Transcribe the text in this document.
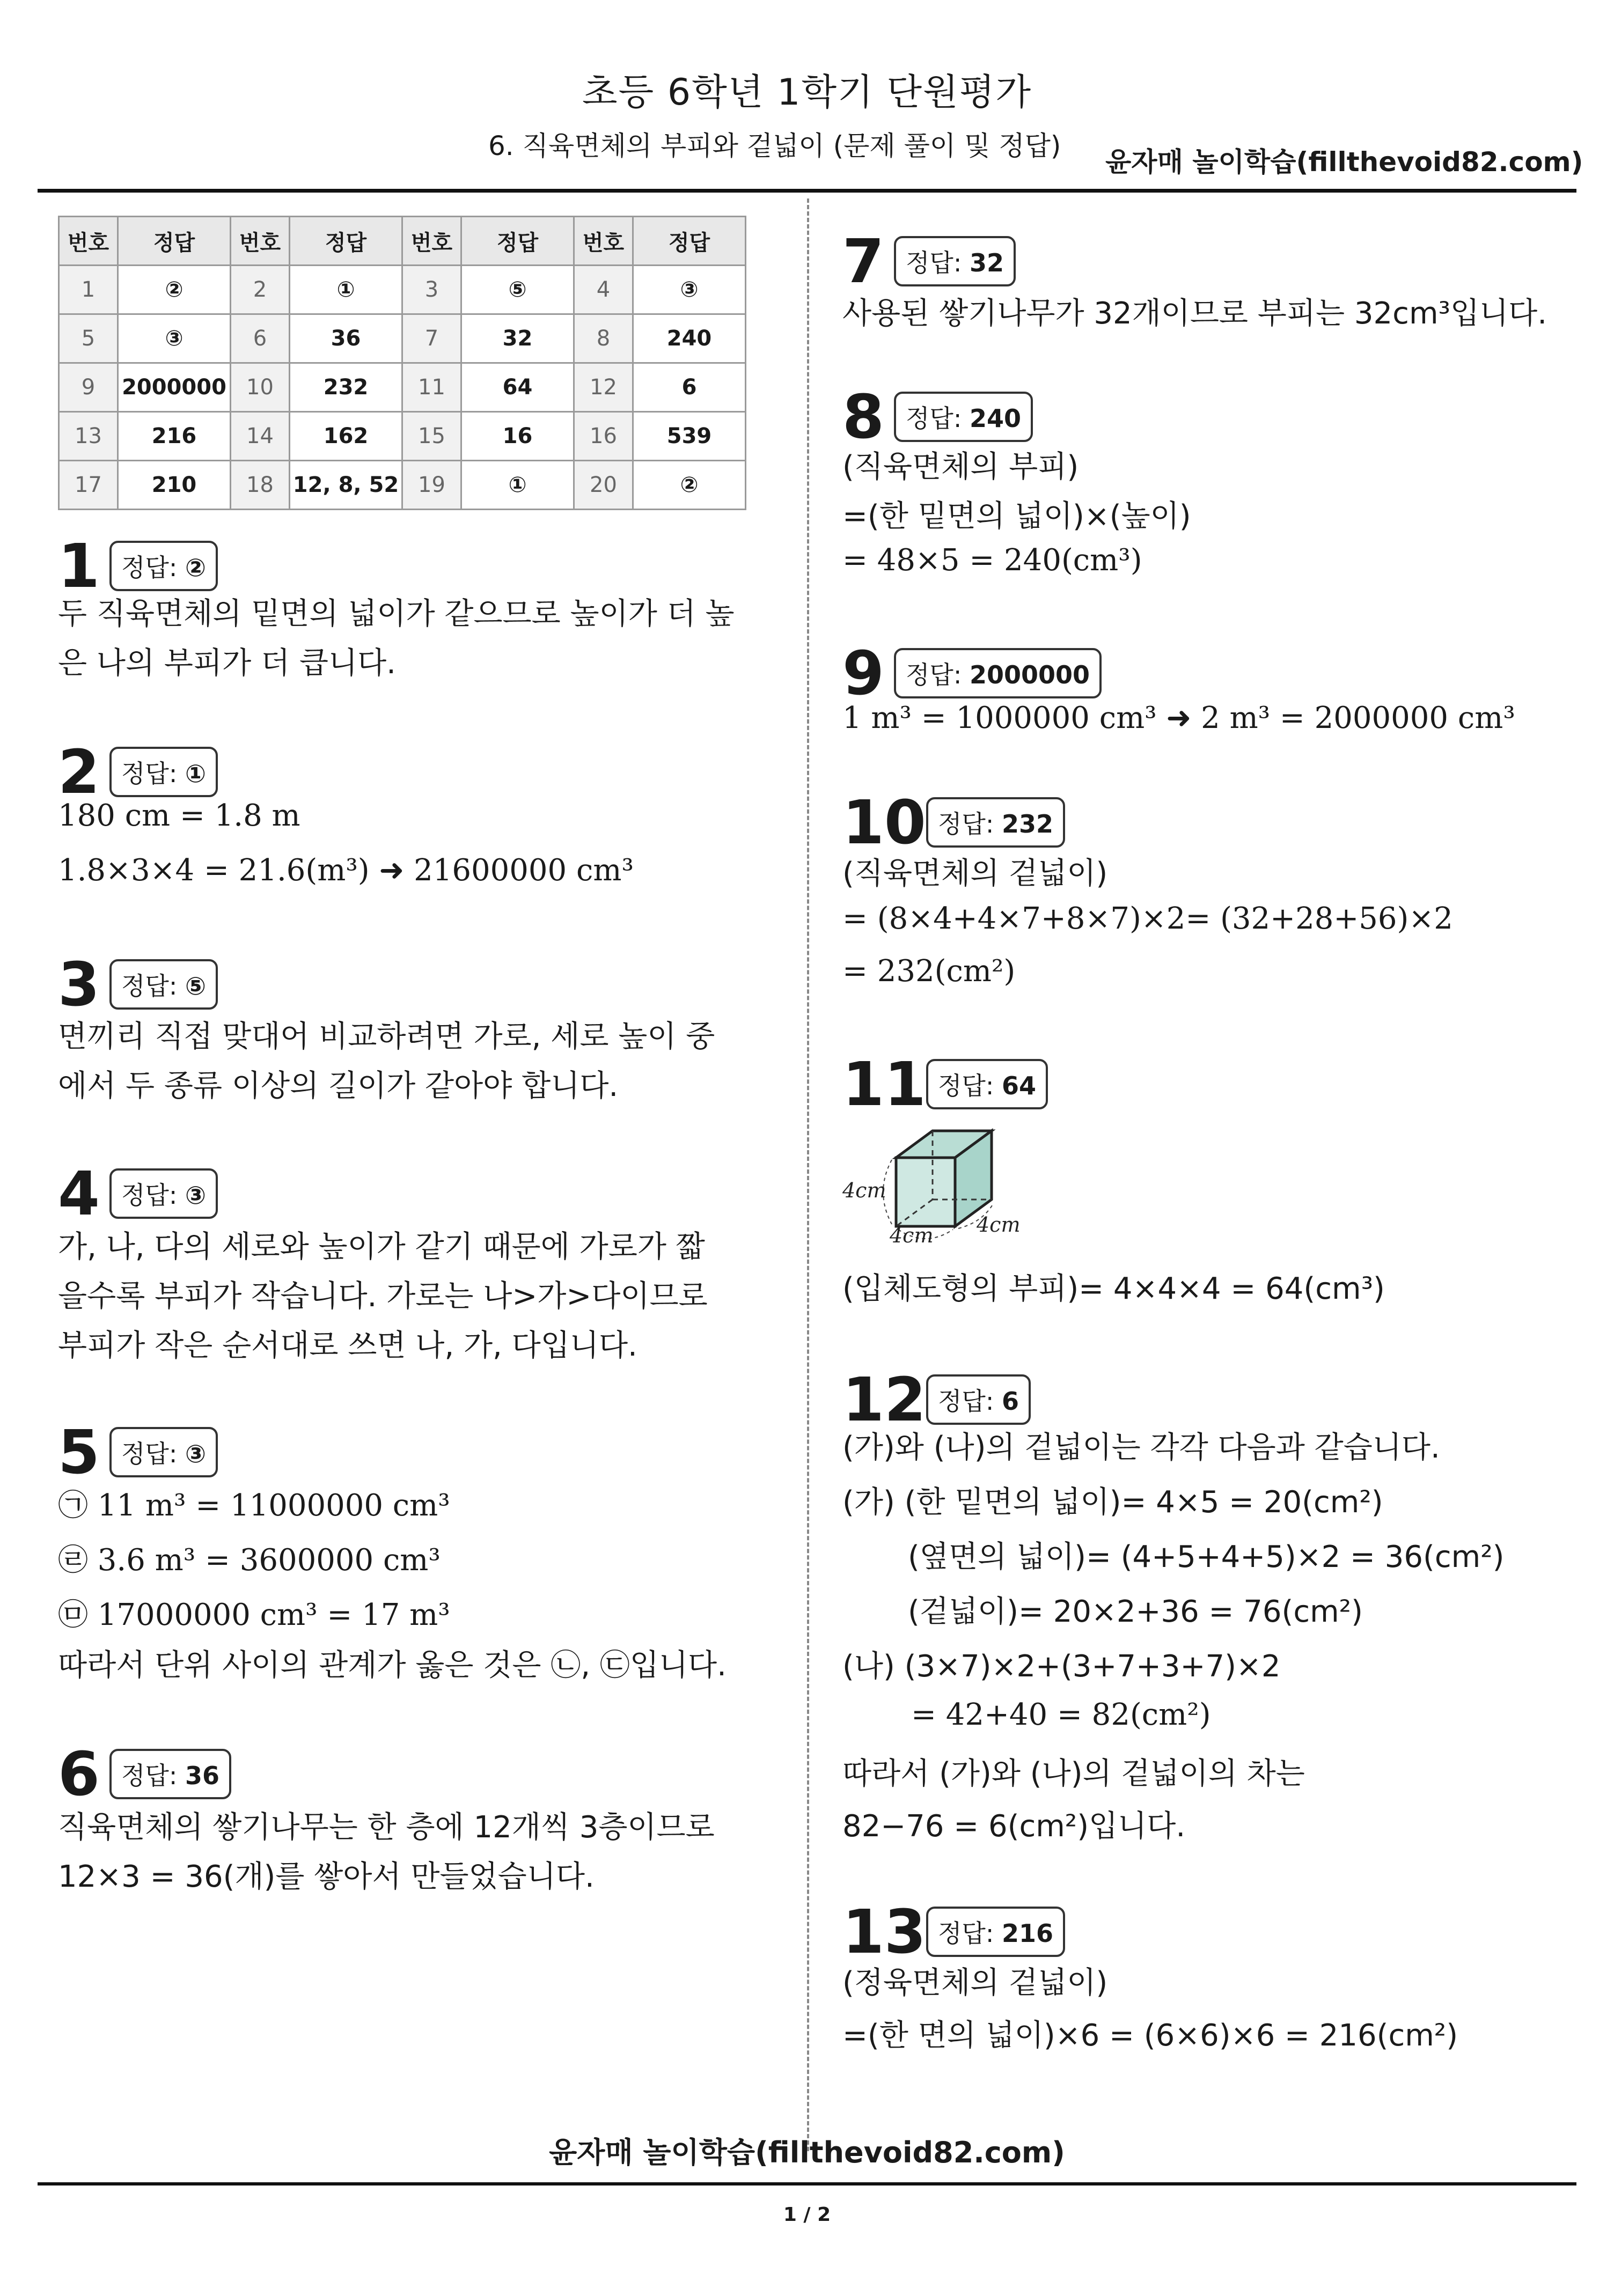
초등 6학년 1학기 단원평가
6. 직육면체의 부피와 겉넓이 (문제 풀이 및 정답)
윤자매 놀이학습(fillthevoid82.com)
번호	정답	번호	정답	번호	정답	번호	정답
1	②	2	①	3	⑤	4	③
5	③	6	36	7	32	8	240
9	2000000	10	232	11	64	12	6
13	216	14	162	15	16	16	539
17	210	18	12, 8, 52	19	①	20	②
1 정답: ②
두 직육면체의 밑면의 넓이가 같으므로 높이가 더 높
은 나의 부피가 더 큽니다.
2 정답: ①
180 cm = 1.8 m
1.8×3×4 = 21.6(m³) ➜ 21600000 cm³
3 정답: ⑤
면끼리 직접 맞대어 비교하려면 가로, 세로 높이 중
에서 두 종류 이상의 길이가 같아야 합니다.
4 정답: ③
가, 나, 다의 세로와 높이가 같기 때문에 가로가 짧
을수록 부피가 작습니다. 가로는 나>가>다이므로
부피가 작은 순서대로 쓰면 나, 가, 다입니다.
5 정답: ③
㉠ 11 m³ = 11000000 cm³
㉣ 3.6 m³ = 3600000 cm³
㉤ 17000000 cm³ = 17 m³
따라서 단위 사이의 관계가 옳은 것은 ㉡, ㉢입니다.
6 정답: 36
직육면체의 쌓기나무는 한 층에 12개씩 3층이므로
12×3 = 36(개)를 쌓아서 만들었습니다.
7 정답: 32
사용된 쌓기나무가 32개이므로 부피는 32cm³입니다.
8 정답: 240
(직육면체의 부피)
=(한 밑면의 넓이)×(높이)
= 48×5 = 240(cm³)
9 정답: 2000000
1 m³ = 1000000 cm³ ➜ 2 m³ = 2000000 cm³
10 정답: 232
(직육면체의 겉넓이)
= (8×4+4×7+8×7)×2= (32+28+56)×2
= 232(cm²)
11 정답: 64
4cm
4cm 4cm
(입체도형의 부피)= 4×4×4 = 64(cm³)
12 정답: 6
(가)와 (나)의 겉넓이는 각각 다음과 같습니다.
(가) (한 밑면의 넓이)= 4×5 = 20(cm²)
(옆면의 넓이)= (4+5+4+5)×2 = 36(cm²)
(겉넓이)= 20×2+36 = 76(cm²)
(나) (3×7)×2+(3+7+3+7)×2
= 42+40 = 82(cm²)
따라서 (가)와 (나)의 겉넓이의 차는
82−76 = 6(cm²)입니다.
13 정답: 216
(정육면체의 겉넓이)
=(한 면의 넓이)×6 = (6×6)×6 = 216(cm²)
윤자매 놀이학습(fillthevoid82.com)
1 / 2
